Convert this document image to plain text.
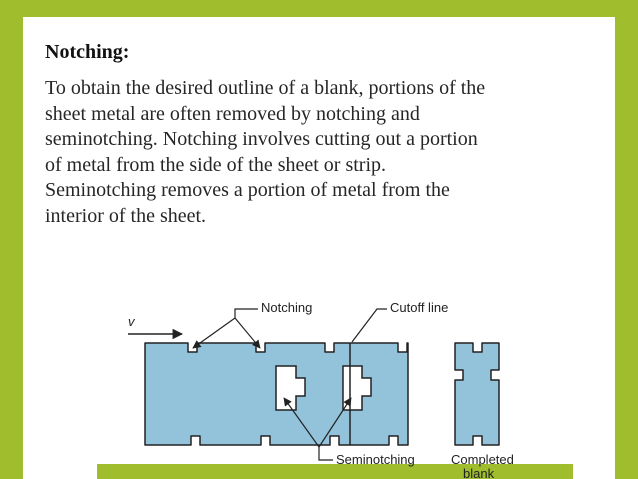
Notching:

To obtain the desired outline of a blank, portions of the
sheet metal are often removed by notching and
seminotching. Notching involves cutting out a portion
of metal from the side of the sheet or strip.
Seminotching removes a portion of metal from the
interior of the sheet.

v
Notching	Cutoff line
Seminotching	Completed
blank
